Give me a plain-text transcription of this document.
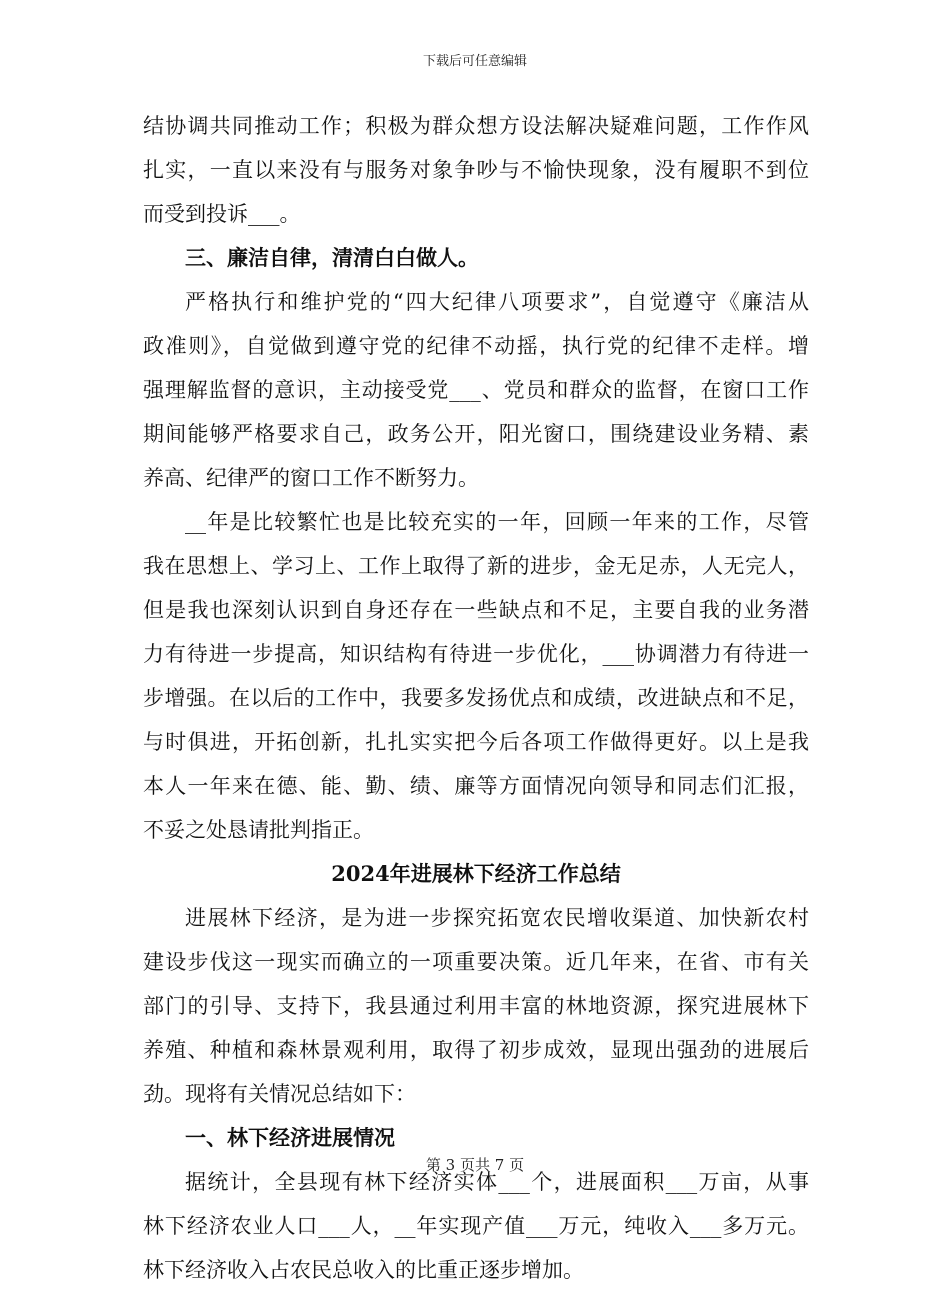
下载后可任意编辑
结协调共同推动工作；积极为群众想方设法解决疑难问题，工作作风
扎实，一直以来没有与服务对象争吵与不愉快现象，没有履职不到位
而受到投诉___。
三、廉洁自律，清清白白做人。
严格执行和维护党的“四大纪律八项要求”，自觉遵守《廉洁从
政准则》，自觉做到遵守党的纪律不动摇，执行党的纪律不走样。增
强理解监督的意识，主动接受党___、党员和群众的监督，在窗口工作
期间能够严格要求自己，政务公开，阳光窗口，围绕建设业务精、素
养高、纪律严的窗口工作不断努力。
__年是比较繁忙也是比较充实的一年，回顾一年来的工作，尽管
我在思想上、学习上、工作上取得了新的进步，金无足赤，人无完人，
但是我也深刻认识到自身还存在一些缺点和不足，主要自我的业务潜
力有待进一步提高，知识结构有待进一步优化，___协调潜力有待进一
步增强。在以后的工作中，我要多发扬优点和成绩，改进缺点和不足，
与时俱进，开拓创新，扎扎实实把今后各项工作做得更好。以上是我
本人一年来在德、能、勤、绩、廉等方面情况向领导和同志们汇报，
不妥之处恳请批判指正。
2024年进展林下经济工作总结
进展林下经济，是为进一步探究拓宽农民增收渠道、加快新农村
建设步伐这一现实而确立的一项重要决策。近几年来，在省、市有关
部门的引导、支持下，我县通过利用丰富的林地资源，探究进展林下
养殖、种植和森林景观利用，取得了初步成效，显现出强劲的进展后
劲。现将有关情况总结如下：
一、林下经济进展情况
据统计，全县现有林下经济实体___个，进展面积___万亩，从事
林下经济农业人口___人，__年实现产值___万元，纯收入___多万元。
林下经济收入占农民总收入的比重正逐步增加。
第 3 页共 7 页
